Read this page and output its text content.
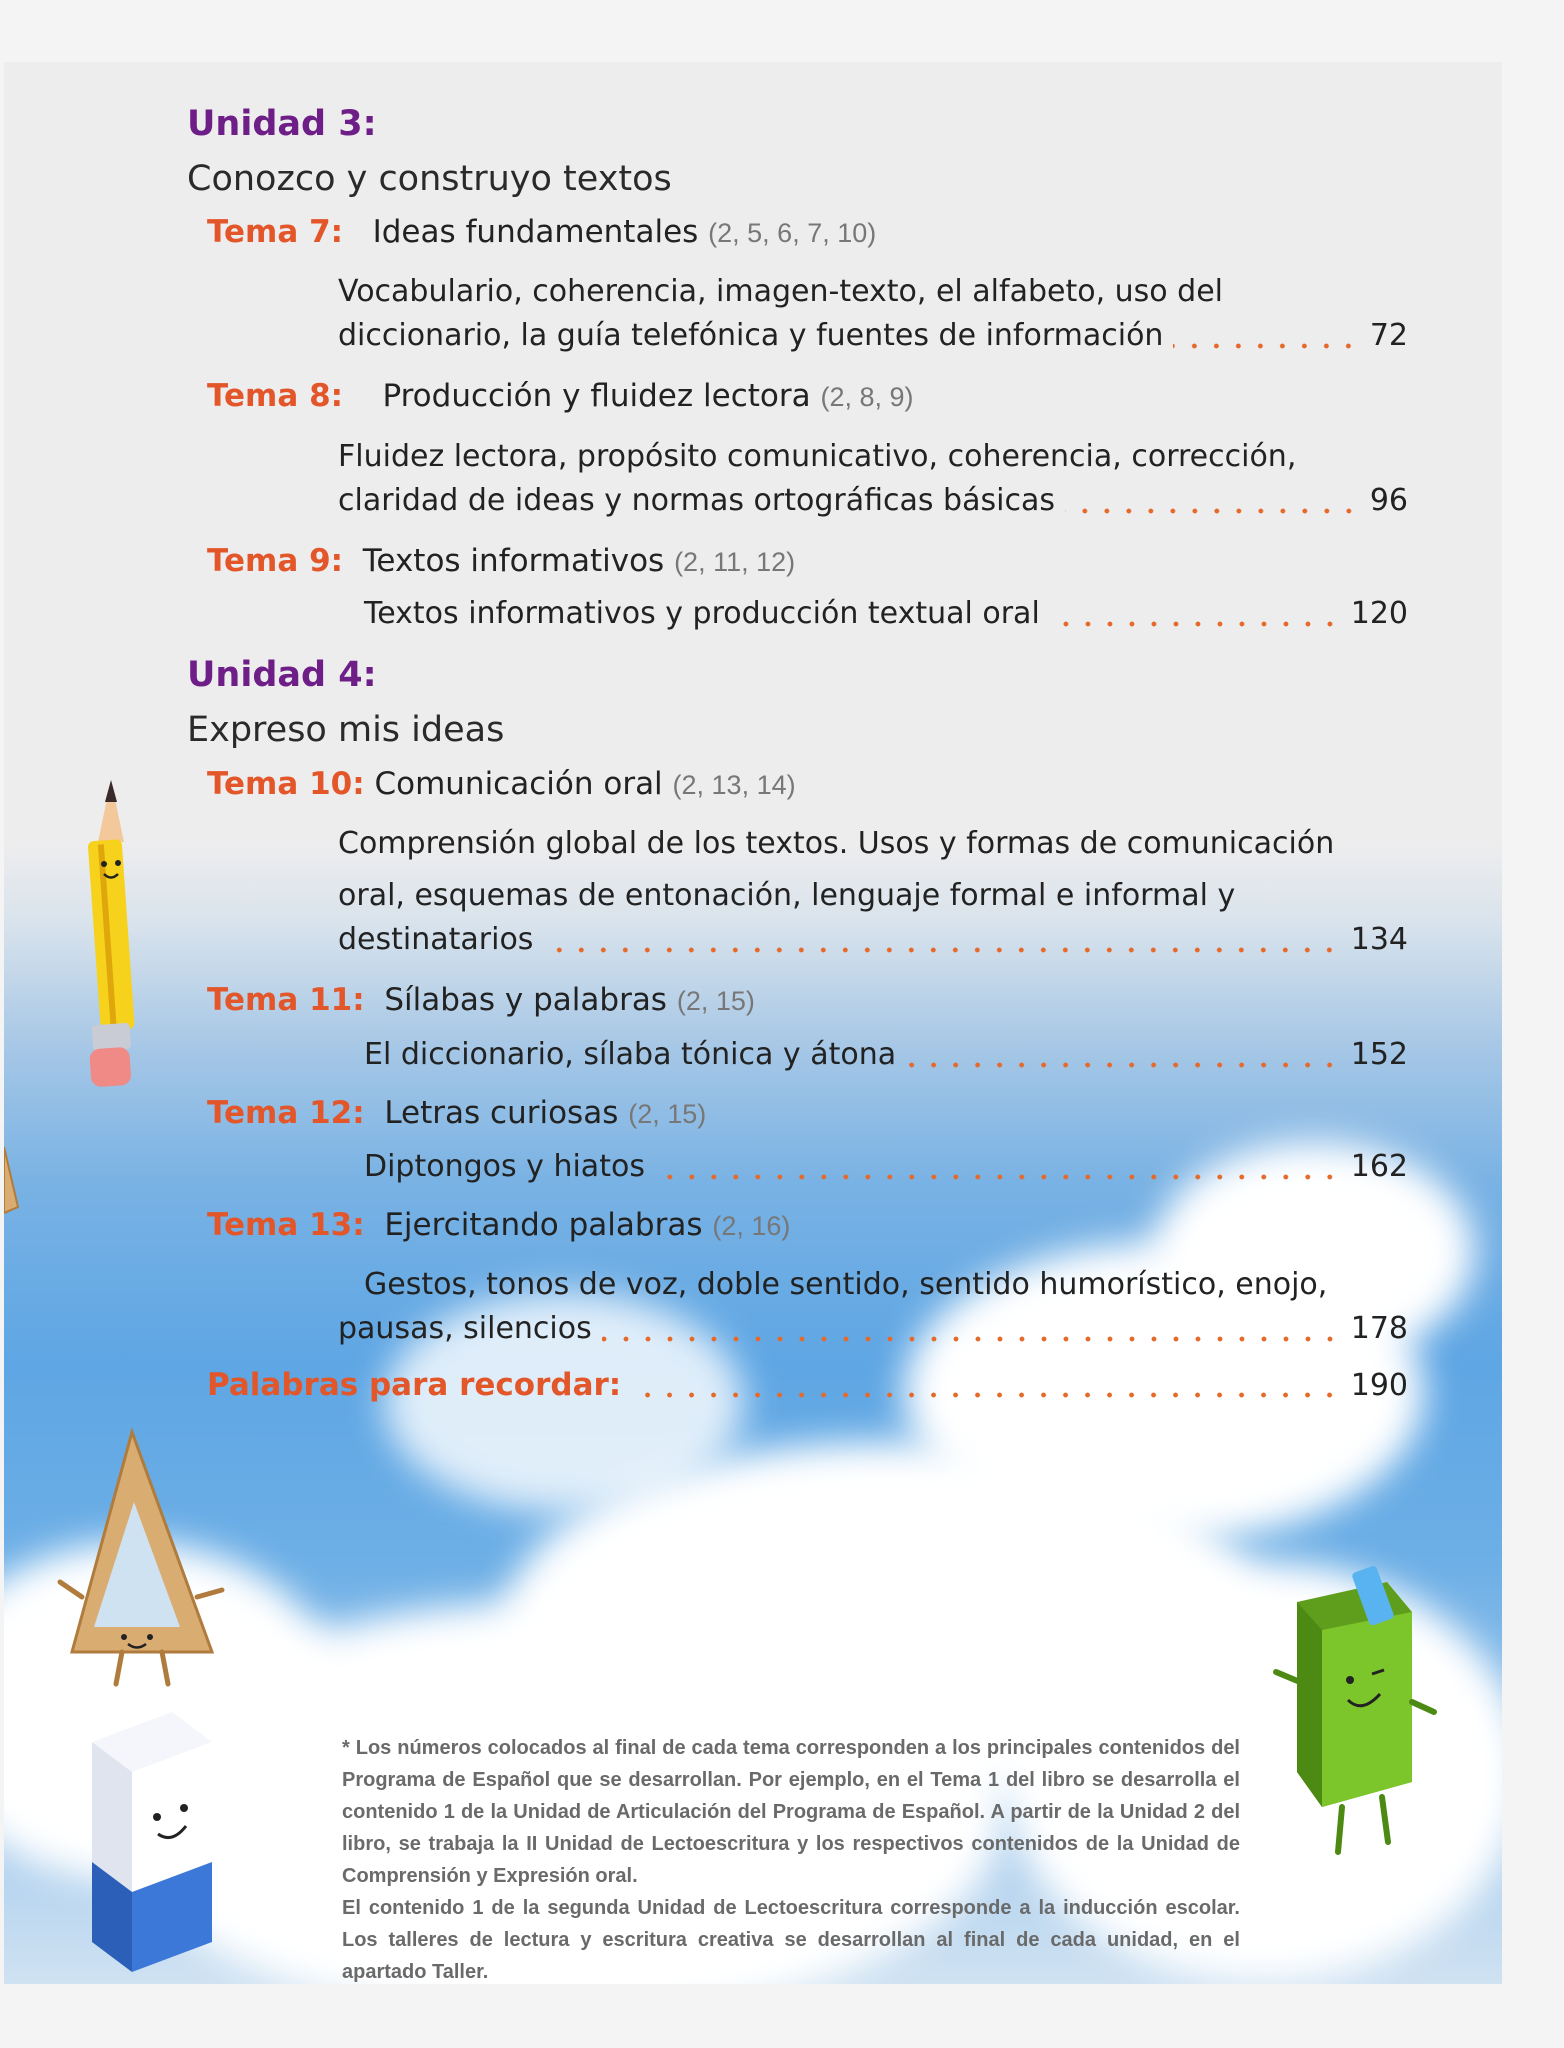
Unidad 3:
Conozco y construyo textos
Tema 7: Ideas fundamentales (2, 5, 6, 7, 10)
Vocabulario, coherencia, imagen-texto, el alfabeto, uso del
diccionario, la guía telefónica y fuentes de información	72
Tema 8: Producción y fluidez lectora (2, 8, 9)
Fluidez lectora, propósito comunicativo, coherencia, corrección,
claridad de ideas y normas ortográficas básicas	96
Tema 9: Textos informativos (2, 11, 12)
Textos informativos y producción textual oral	120
Unidad 4:
Expreso mis ideas
Tema 10: Comunicación oral (2, 13, 14)
Comprensión global de los textos. Usos y formas de comunicación
oral, esquemas de entonación, lenguaje formal e informal y
destinatarios	134
Tema 11: Sílabas y palabras (2, 15)
El diccionario, sílaba tónica y átona	152
Tema 12: Letras curiosas (2, 15)
Diptongos y hiatos	162
Tema 13: Ejercitando palabras (2, 16)
Gestos, tonos de voz, doble sentido, sentido humorístico, enojo,
pausas, silencios	178
Palabras para recordar:	190
* Los números colocados al final de cada tema corresponden a los principales contenidos del Programa de Español que se desarrollan. Por ejemplo, en el Tema 1 del libro se desarrolla el contenido 1 de la Unidad de Articulación del Programa de Español. A partir de la Unidad 2 del libro, se trabaja la II Unidad de Lectoescritura y los respectivos contenidos de la Unidad de Comprensión y Expresión oral.
El contenido 1 de la segunda Unidad de Lectoescritura corresponde a la inducción escolar. Los talleres de lectura y escritura creativa se desarrollan al final de cada unidad, en el apartado Taller.
